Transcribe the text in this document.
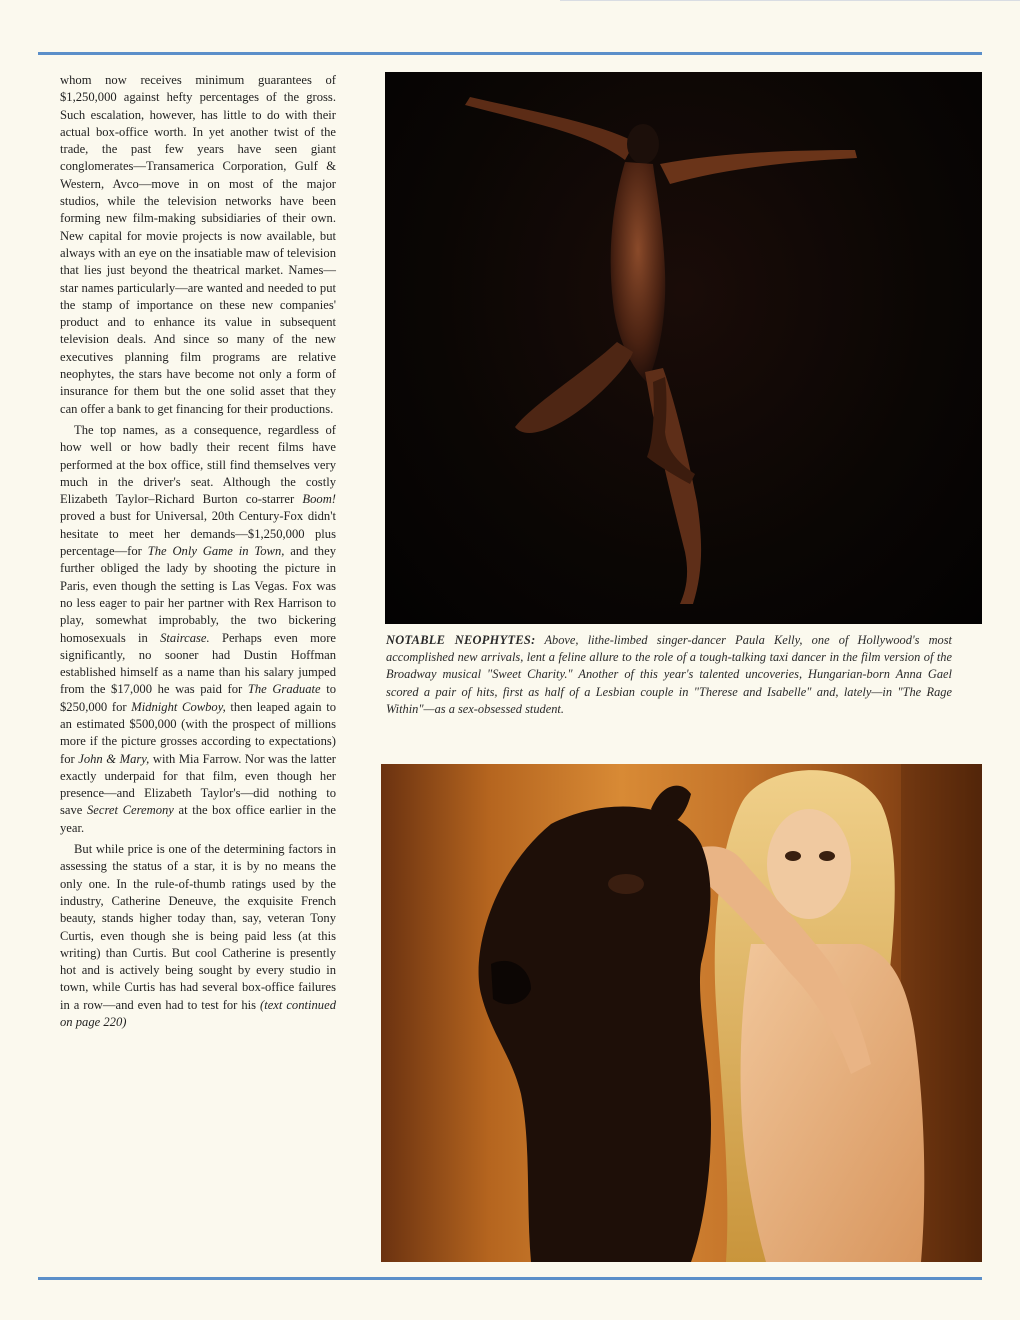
whom now receives minimum guarantees of $1,250,000 against hefty percentages of the gross. Such escalation, however, has little to do with their actual box-office worth. In yet another twist of the trade, the past few years have seen giant conglomerates—Transamerica Corporation, Gulf & Western, Avco—move in on most of the major studios, while the television networks have been forming new film-making subsidiaries of their own. New capital for movie projects is now available, but always with an eye on the insatiable maw of television that lies just beyond the theatrical market. Names—star names particularly—are wanted and needed to put the stamp of importance on these new companies' product and to enhance its value in subsequent television deals. And since so many of the new executives planning film programs are relative neophytes, the stars have become not only a form of insurance for them but the one solid asset that they can offer a bank to get financing for their productions.

The top names, as a consequence, regardless of how well or how badly their recent films have performed at the box office, still find themselves very much in the driver's seat. Although the costly Elizabeth Taylor–Richard Burton co-starrer Boom! proved a bust for Universal, 20th Century-Fox didn't hesitate to meet her demands—$1,250,000 plus percentage—for The Only Game in Town, and they further obliged the lady by shooting the picture in Paris, even though the setting is Las Vegas. Fox was no less eager to pair her partner with Rex Harrison to play, somewhat improbably, the two bickering homosexuals in Staircase. Perhaps even more significantly, no sooner had Dustin Hoffman established himself as a name than his salary jumped from the $17,000 he was paid for The Graduate to $250,000 for Midnight Cowboy, then leaped again to an estimated $500,000 (with the prospect of millions more if the picture grosses according to expectations) for John & Mary, with Mia Farrow. Nor was the latter exactly underpaid for that film, even though her presence—and Elizabeth Taylor's—did nothing to save Secret Ceremony at the box office earlier in the year.

But while price is one of the determining factors in assessing the status of a star, it is by no means the only one. In the rule-of-thumb ratings used by the industry, Catherine Deneuve, the exquisite French beauty, stands higher today than, say, veteran Tony Curtis, even though she is being paid less (at this writing) than Curtis. But cool Catherine is presently hot and is actively being sought by every studio in town, while Curtis has had several box-office failures in a row—and even had to test for his (text continued on page 220)

NOTABLE NEOPHYTES: Above, lithe-limbed singer-dancer Paula Kelly, one of Hollywood's most accomplished new arrivals, lent a feline allure to the role of a tough-talking taxi dancer in the film version of the Broadway musical "Sweet Charity." Another of this year's talented uncoveries, Hungarian-born Anna Gael scored a pair of hits, first as half of a Lesbian couple in "Therese and Isabelle" and, lately—in "The Rage Within"—as a sex-obsessed student.
